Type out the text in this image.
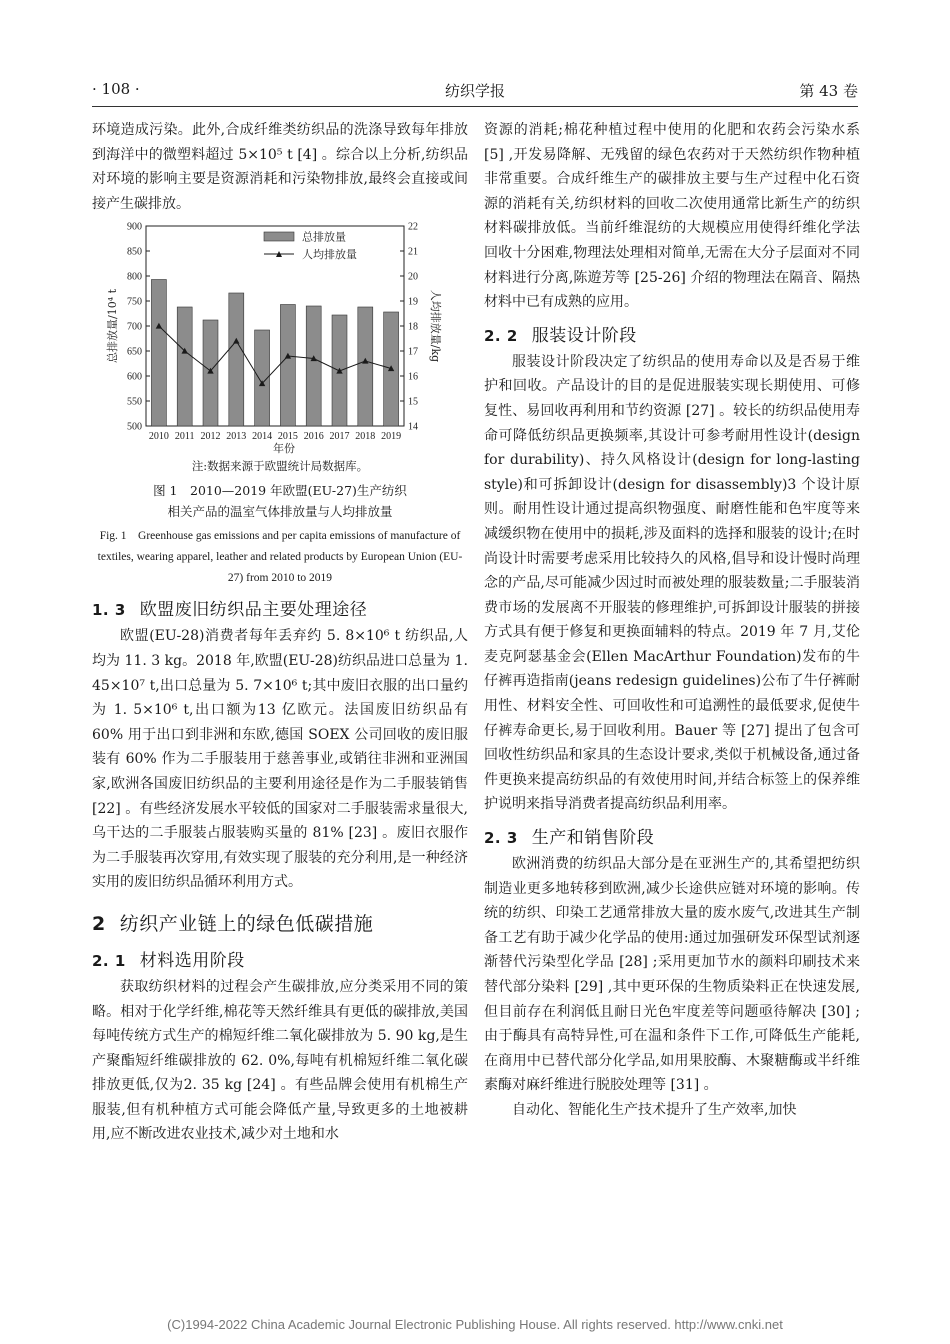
· 108 ·	纺织学报	第 43 卷

环境造成污染。此外,合成纤维类纺织品的洗涤导致每年排放到海洋中的微塑料超过 5×10⁵ t [4] 。综合以上分析,纺织品对环境的影响主要是资源消耗和污染物排放,最终会直接或间接产生碳排放。

500
550
600
650
700
750
800
850
900
14
15
16
17
18
19
20
21
22
2010 2011 2012 2013 2014 2015 2016 2017 2018 2019
总排放量
人均排放量
年份
总排放量/10⁴ t	人均排放量/kg
注:数据来源于欧盟统计局数据库。
图 1　2010—2019 年欧盟(EU-27)生产纺织
相关产品的温室气体排放量与人均排放量
Fig. 1　Greenhouse gas emissions and per capita emissions of manufacture of textiles, wearing apparel, leather and related products by European Union (EU-27) from 2010 to 2019
1. 3 欧盟废旧纺织品主要处理途径

欧盟(EU-28)消费者每年丢弃约 5. 8×10⁶ t 纺织品,人均为 11. 3 kg。2018 年,欧盟(EU-28)纺织品进口总量为 1. 45×10⁷ t,出口总量为 5. 7×10⁶ t;其中废旧衣服的出口量约为 1. 5×10⁶ t,出口额为13 亿欧元。法国废旧纺织品有 60% 用于出口到非洲和东欧,德国 SOEX 公司回收的废旧服装有 60% 作为二手服装用于慈善事业,或销往非洲和亚洲国家,欧洲各国废旧纺织品的主要利用途径是作为二手服装销售 [22] 。有些经济发展水平较低的国家对二手服装需求量很大,乌干达的二手服装占服装购买量的 81% [23] 。废旧衣服作为二手服装再次穿用,有效实现了服装的充分利用,是一种经济实用的废旧纺织品循环利用方式。

2 纺织产业链上的绿色低碳措施
2. 1 材料选用阶段

获取纺织材料的过程会产生碳排放,应分类采用不同的策略。相对于化学纤维,棉花等天然纤维具有更低的碳排放,美国每吨传统方式生产的棉短纤维二氧化碳排放为 5. 90 kg,是生产聚酯短纤维碳排放的 62. 0%,每吨有机棉短纤维二氧化碳排放更低,仅为2. 35 kg [24] 。有些品牌会使用有机棉生产服装,但有机种植方式可能会降低产量,导致更多的土地被耕用,应不断改进农业技术,减少对土地和水

资源的消耗;棉花种植过程中使用的化肥和农药会污染水系 [5] ,开发易降解、无残留的绿色农药对于天然纺织作物种植非常重要。合成纤维生产的碳排放主要与生产过程中化石资源的消耗有关,纺织材料的回收二次使用通常比新生产的纺织材料碳排放低。当前纤维混纺的大规模应用使得纤维化学法回收十分困难,物理法处理相对简单,无需在大分子层面对不同材料进行分离,陈遊芳等 [25-26] 介绍的物理法在隔音、隔热材料中已有成熟的应用。

2. 2 服装设计阶段

服装设计阶段决定了纺织品的使用寿命以及是否易于维护和回收。产品设计的目的是促进服装实现长期使用、可修复性、易回收再利用和节约资源 [27] 。较长的纺织品使用寿命可降低纺织品更换频率,其设计可参考耐用性设计(design for durability)、持久风格设计(design for long-lasting style)和可拆卸设计(design for disassembly)3 个设计原则。耐用性设计通过提高织物强度、耐磨性能和色牢度等来减缓织物在使用中的损耗,涉及面料的选择和服装的设计;在时尚设计时需要考虑采用比较持久的风格,倡导和设计慢时尚理念的产品,尽可能减少因过时而被处理的服装数量;二手服装消费市场的发展离不开服装的修理维护,可拆卸设计服装的拼接方式具有便于修复和更换面辅料的特点。2019 年 7 月,艾伦麦克阿瑟基金会(Ellen MacArthur Foundation)发布的牛仔裤再造指南(jeans redesign guidelines)公布了牛仔裤耐用性、材料安全性、可回收性和可追溯性的最低要求,促使牛仔裤寿命更长,易于回收利用。Bauer 等 [27] 提出了包含可回收性纺织品和家具的生态设计要求,类似于机械设备,通过备件更换来提高纺织品的有效使用时间,并结合标签上的保养维护说明来指导消费者提高纺织品利用率。

2. 3 生产和销售阶段

欧洲消费的纺织品大部分是在亚洲生产的,其希望把纺织制造业更多地转移到欧洲,减少长途供应链对环境的影响。传统的纺织、印染工艺通常排放大量的废水废气,改进其生产制备工艺有助于减少化学品的使用:通过加强研发环保型试剂逐渐替代污染型化学品 [28] ;采用更加节水的颜料印刷技术来替代部分染料 [29] ,其中更环保的生物质染料正在快速发展,但目前存在利润低且耐日光色牢度差等问题亟待解决 [30] ;由于酶具有高特异性,可在温和条件下工作,可降低生产能耗,在商用中已替代部分化学品,如用果胶酶、木聚糖酶或半纤维素酶对麻纤维进行脱胶处理等 [31] 。

自动化、智能化生产技术提升了生产效率,加快

(C)1994-2022 China Academic Journal Electronic Publishing House. All rights reserved. http://www.cnki.net
